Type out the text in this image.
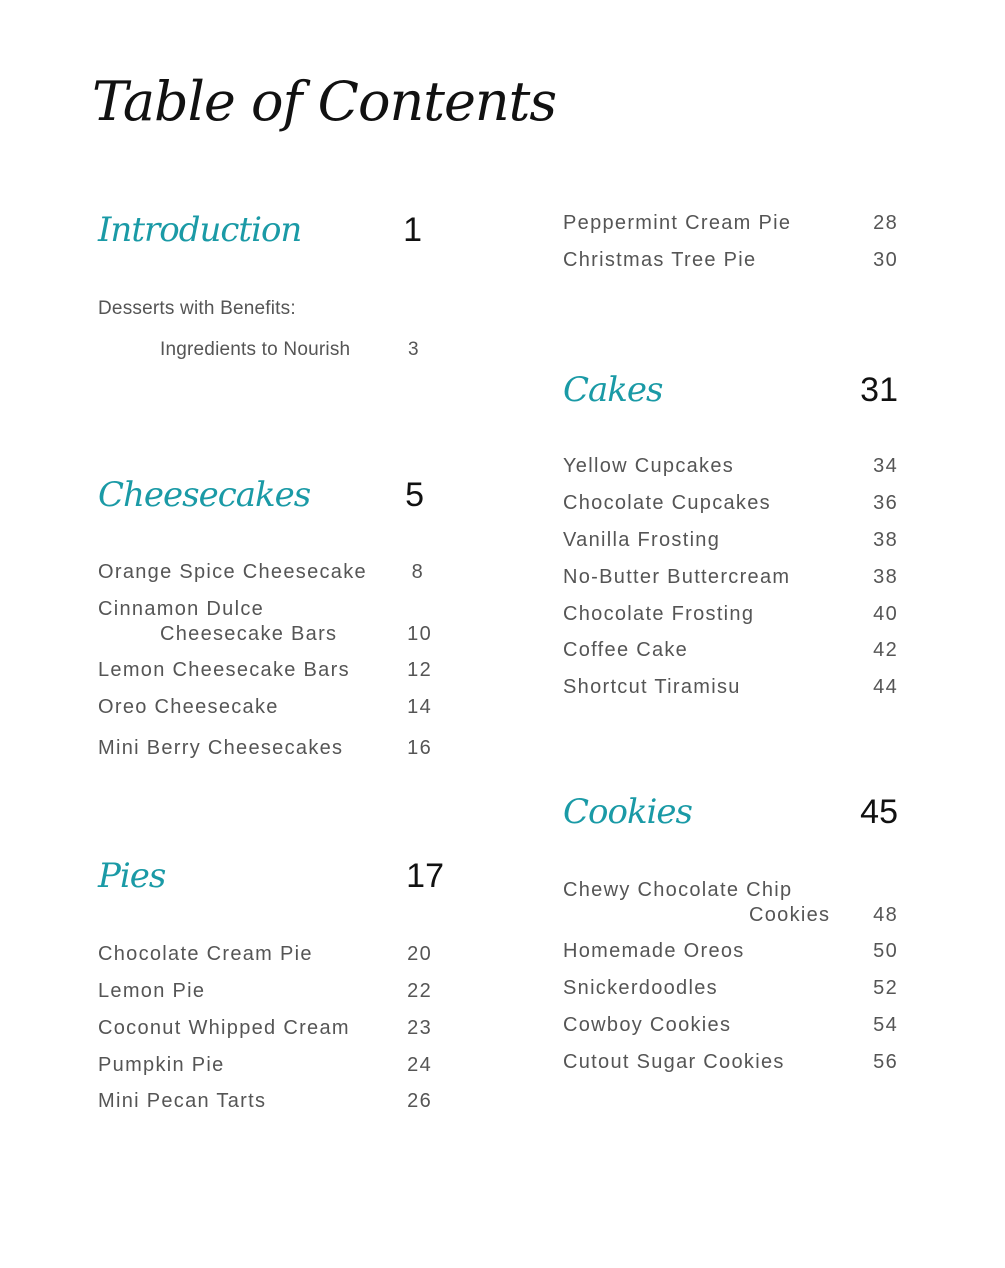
Table of Contents
Introduction	1
Desserts with Benefits:
Ingredients to Nourish	3
Cheesecakes	5
Orange Spice Cheesecake 8
Cinnamon Dulce
Cheesecake Bars	10
Lemon Cheesecake Bars	12
Oreo Cheesecake	14
Mini Berry Cheesecakes	16
Pies	17
Chocolate Cream Pie	20
Lemon Pie	22
Coconut Whipped Cream	23
Pumpkin Pie	24
Mini Pecan Tarts	26
Peppermint Cream Pie	28
Christmas Tree Pie	30
Cakes	31
Yellow Cupcakes	34
Chocolate Cupcakes	36
Vanilla Frosting	38
No-Butter Buttercream	38
Chocolate Frosting	40
Coffee Cake	42
Shortcut Tiramisu	44
Cookies	45
Chewy Chocolate Chip
Cookies 48
Homemade Oreos	50
Snickerdoodles	52
Cowboy Cookies	54
Cutout Sugar Cookies	56
